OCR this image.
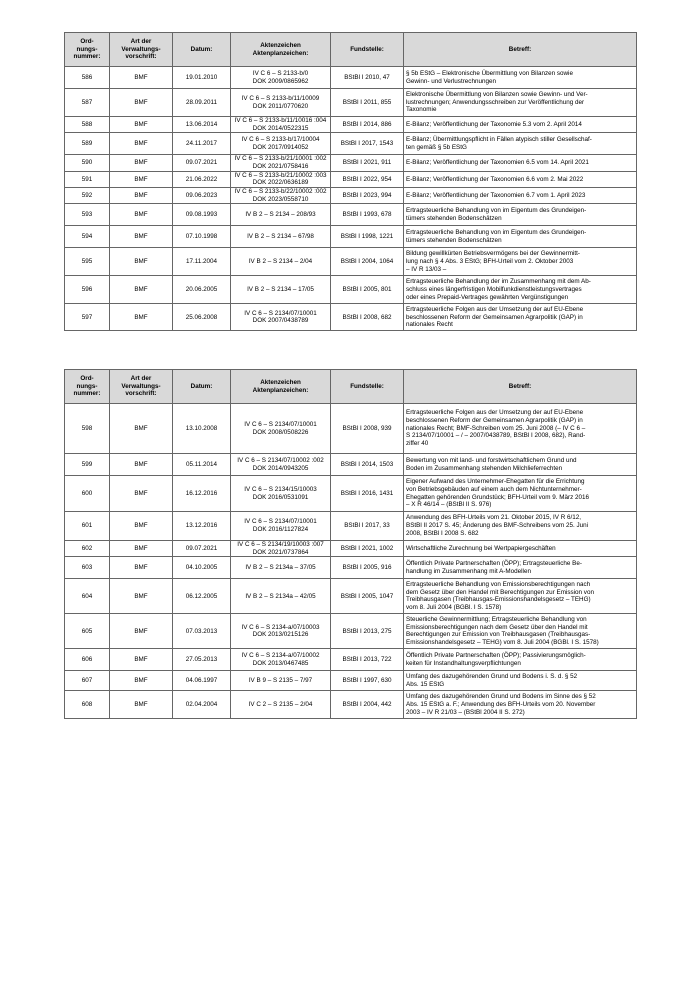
Ord-
nungs-
nummer:	Art der
Verwaltungs-
vorschrift:	Datum:	Aktenzeichen
Aktenplanzeichen:	Fundstelle:	Betreff:
586	BMF	19.01.2010	IV C 6 – S 2133-b/0
DOK 2009/0865962	BStBl I 2010, 47	§ 5b EStG – Elektronische Übermittlung von Bilanzen sowie
Gewinn- und Verlustrechnungen
587	BMF	28.09.2011	IV C 6 – S 2133-b/11/10009
DOK 2011/0770620	BStBl I 2011, 855	Elektronische Übermittlung von Bilanzen sowie Gewinn- und Ver-
lustrechnungen; Anwendungsschreiben zur Veröffentlichung der
Taxonomie
588	BMF	13.06.2014	IV C 6 – S 2133-b/11/10016 :004
DOK 2014/0522315	BStBl I 2014, 886	E-Bilanz; Veröffentlichung der Taxonomie 5.3 vom 2. April 2014
589	BMF	24.11.2017	IV C 6 – S 2133-b/17/10004
DOK 2017/0914052	BStBl I 2017, 1543	E-Bilanz; Übermittlungspflicht in Fällen atypisch stiller Gesellschaf-
ten gemäß § 5b EStG
590	BMF	09.07.2021	IV C 6 – S 2133-b/21/10001 :002
DOK 2021/0758416	BStBl I 2021, 911	E-Bilanz; Veröffentlichung der Taxonomien 6.5 vom 14. April 2021
591	BMF	21.06.2022	IV C 6 – S 2133-b/21/10002 :003
DOK 2022/0636189	BStBl I 2022, 954	E-Bilanz; Veröffentlichung der Taxonomien 6.6 vom 2. Mai 2022
592	BMF	09.06.2023	IV C 6 – S 2133-b/22/10002 :002
DOK 2023/0558710	BStBl I 2023, 994	E-Bilanz; Veröffentlichung der Taxonomien 6.7 vom 1. April 2023
593	BMF	09.08.1993	IV B 2 – S 2134 – 208/93	BStBl I 1993, 678	Ertragsteuerliche Behandlung von im Eigentum des Grundeigen-
tümers stehenden Bodenschätzen
594	BMF	07.10.1998	IV B 2 – S 2134 – 67/98	BStBl I 1998, 1221	Ertragsteuerliche Behandlung von im Eigentum des Grundeigen-
tümers stehenden Bodenschätzen
595	BMF	17.11.2004	IV B 2 – S 2134 – 2/04	BStBl I 2004, 1064	Bildung gewillkürten Betriebsvermögens bei der Gewinnermitt-
lung nach § 4 Abs. 3 EStG; BFH-Urteil vom 2. Oktober 2003
– IV R 13/03 –
596	BMF	20.06.2005	IV B 2 – S 2134 – 17/05	BStBl I 2005, 801	Ertragsteuerliche Behandlung der im Zusammenhang mit dem Ab-
schluss eines längerfristigen Mobilfunkdienstleistungsvertrages
oder eines Prepaid-Vertrages gewährten Vergünstigungen
597	BMF	25.06.2008	IV C 6 – S 2134/07/10001
DOK 2007/0438789	BStBl I 2008, 682	Ertragsteuerliche Folgen aus der Umsetzung der auf EU-Ebene
beschlossenen Reform der Gemeinsamen Agrarpolitik (GAP) in
nationales Recht
Ord-
nungs-
nummer:	Art der
Verwaltungs-
vorschrift:	Datum:	Aktenzeichen
Aktenplanzeichen:	Fundstelle:	Betreff:
598	BMF	13.10.2008	IV C 6 – S 2134/07/10001
DOK 2008/0508226	BStBl I 2008, 939	Ertragsteuerliche Folgen aus der Umsetzung der auf EU-Ebene
beschlossenen Reform der Gemeinsamen Agrarpolitik (GAP) in
nationales Recht; BMF-Schreiben vom 25. Juni 2008 (– IV C 6 –
S 2134/07/10001 – / – 2007/0438789, BStBl I 2008, 682), Rand-
ziffer 40
599	BMF	05.11.2014	IV C 6 – S 2134/07/10002 :002
DOK 2014/0943205	BStBl I 2014, 1503	Bewertung von mit land- und forstwirtschaftlichem Grund und
Boden im Zusammenhang stehenden Milchlieferrechten
600	BMF	16.12.2016	IV C 6 – S 2134/15/10003
DOK 2016/0531091	BStBl I 2016, 1431	Eigener Aufwand des Unternehmer-Ehegatten für die Errichtung
von Betriebsgebäuden auf einem auch dem Nichtunternehmer-
Ehegatten gehörenden Grundstück; BFH-Urteil vom 9. März 2016
– X R 46/14 – (BStBl II S. 976)
601	BMF	13.12.2016	IV C 6 – S 2134/07/10001
DOK 2016/1127824	BStBl I 2017, 33	Anwendung des BFH-Urteils vom 21. Oktober 2015, IV R 6/12,
BStBl II 2017 S. 45; Änderung des BMF-Schreibens vom 25. Juni
2008, BStBl I 2008 S. 682
602	BMF	09.07.2021	IV C 6 – S 2134/19/10003 :007
DOK 2021/0737864	BStBl I 2021, 1002	Wirtschaftliche Zurechnung bei Wertpapiergeschäften
603	BMF	04.10.2005	IV B 2 – S 2134a – 37/05	BStBl I 2005, 916	Öffentlich Private Partnerschaften (ÖPP); Ertragsteuerliche Be-
handlung im Zusammenhang mit A-Modellen
604	BMF	06.12.2005	IV B 2 – S 2134a – 42/05	BStBl I 2005, 1047	Ertragsteuerliche Behandlung von Emissionsberechtigungen nach
dem Gesetz über den Handel mit Berechtigungen zur Emission von
Treibhausgasen (Treibhausgas-Emissionshandelsgesetz – TEHG)
vom 8. Juli 2004 (BGBl. I S. 1578)
605	BMF	07.03.2013	IV C 6 – S 2134-a/07/10003
DOK 2013/0215126	BStBl I 2013, 275	Steuerliche Gewinnermittlung; Ertragsteuerliche Behandlung von
Emissionsberechtigungen nach dem Gesetz über den Handel mit
Berechtigungen zur Emission von Treibhausgasen (Treibhausgas-
Emissionshandelsgesetz – TEHG) vom 8. Juli 2004 (BGBl. I S. 1578)
606	BMF	27.05.2013	IV C 6 – S 2134-a/07/10002
DOK 2013/0467485	BStBl I 2013, 722	Öffentlich Private Partnerschaften (ÖPP); Passivierungsmöglich-
keiten für Instandhaltungsverpflichtungen
607	BMF	04.06.1997	IV B 9 – S 2135 – 7/97	BStBl I 1997, 630	Umfang des dazugehörenden Grund und Bodens i. S. d. § 52
Abs. 15 EStG
608	BMF	02.04.2004	IV C 2 – S 2135 – 2/04	BStBl I 2004, 442	Umfang des dazugehörenden Grund und Bodens im Sinne des § 52
Abs. 15 EStG a. F.; Anwendung des BFH-Urteils vom 20. November
2003 – IV R 21/03 – (BStBl 2004 II S. 272)
